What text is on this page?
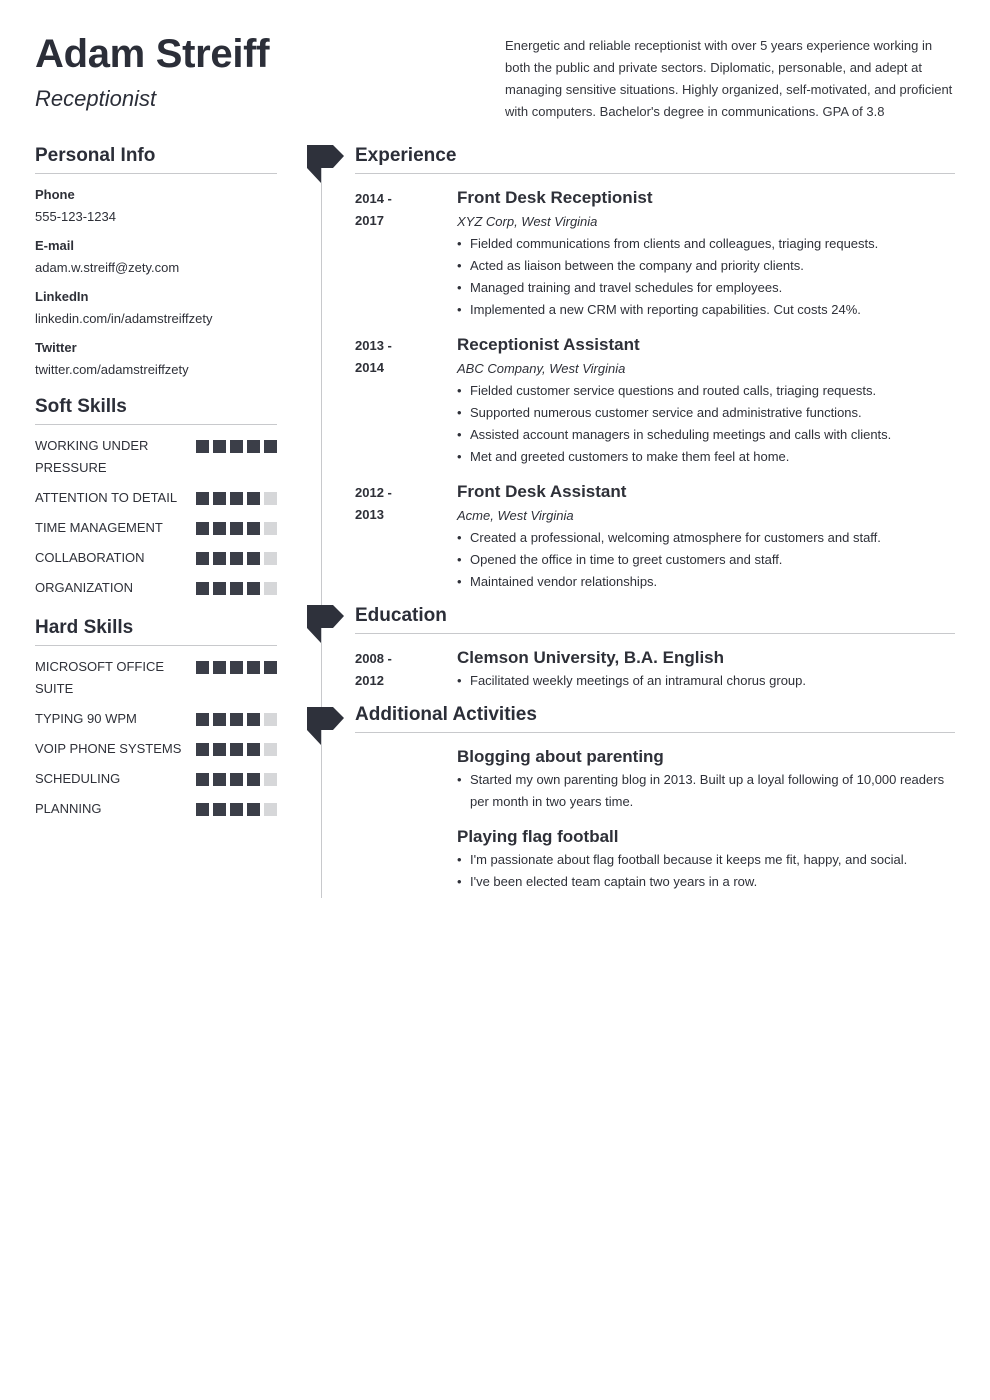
Adam Streiff
Receptionist
Energetic and reliable receptionist with over 5 years experience working in both the public and private sectors. Diplomatic, personable, and adept at managing sensitive situations. Highly organized, self-motivated, and proficient with computers. Bachelor's degree in communications. GPA of 3.8
Personal Info
Phone
555-123-1234
E-mail
adam.w.streiff@zety.com
LinkedIn
linkedin.com/in/adamstreiffzety
Twitter
twitter.com/adamstreiffzety
Soft Skills
WORKING UNDER PRESSURE
ATTENTION TO DETAIL
TIME MANAGEMENT
COLLABORATION
ORGANIZATION
Hard Skills
MICROSOFT OFFICE SUITE
TYPING 90 WPM
VOIP PHONE SYSTEMS
SCHEDULING
PLANNING
Experience
2014 -
2017
Front Desk Receptionist
XYZ Corp, West Virginia
• Fielded communications from clients and colleagues, triaging requests.
• Acted as liaison between the company and priority clients.
• Managed training and travel schedules for employees.
• Implemented a new CRM with reporting capabilities. Cut costs 24%.
2013 -
2014
Receptionist Assistant
ABC Company, West Virginia
• Fielded customer service questions and routed calls, triaging requests.
• Supported numerous customer service and administrative functions.
• Assisted account managers in scheduling meetings and calls with clients.
• Met and greeted customers to make them feel at home.
2012 -
2013
Front Desk Assistant
Acme, West Virginia
• Created a professional, welcoming atmosphere for customers and staff.
• Opened the office in time to greet customers and staff.
• Maintained vendor relationships.
Education
2008 -
2012
Clemson University, B.A. English
• Facilitated weekly meetings of an intramural chorus group.
Additional Activities
Blogging about parenting
• Started my own parenting blog in 2013. Built up a loyal following of 10,000 readers per month in two years time.
Playing flag football
• I'm passionate about flag football because it keeps me fit, happy, and social.
• I've been elected team captain two years in a row.
